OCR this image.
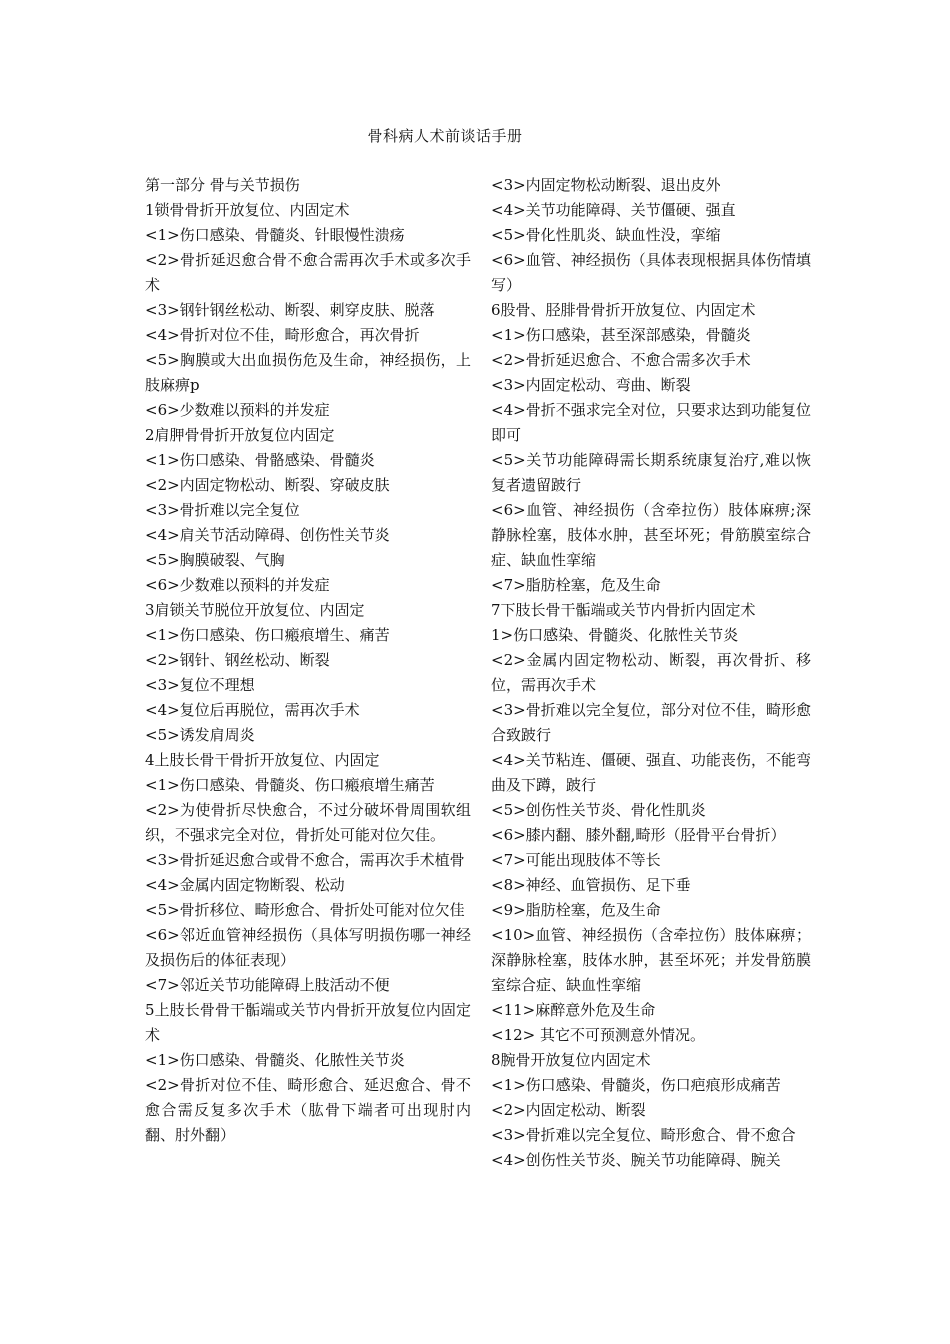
骨科病人术前谈话手册
第一部分 骨与关节损伤
1锁骨骨折开放复位、内固定术
<1>伤口感染、骨髓炎、针眼慢性溃疡
<2>骨折延迟愈合骨不愈合需再次手术或多次手术
<3>钢针钢丝松动、断裂、刺穿皮肤、脱落
<4>骨折对位不佳，畸形愈合，再次骨折
<5>胸膜或大出血损伤危及生命，神经损伤，上肢麻痹p
<6>少数难以预料的并发症
2肩胛骨骨折开放复位内固定
<1>伤口感染、骨骼感染、骨髓炎
<2>内固定物松动、断裂、穿破皮肤
<3>骨折难以完全复位
<4>肩关节活动障碍、创伤性关节炎
<5>胸膜破裂、气胸
<6>少数难以预料的并发症
3肩锁关节脱位开放复位、内固定
<1>伤口感染、伤口瘢痕增生、痛苦
<2>钢针、钢丝松动、断裂
<3>复位不理想
<4>复位后再脱位，需再次手术
<5>诱发肩周炎
4上肢长骨干骨折开放复位、内固定
<1>伤口感染、骨髓炎、伤口瘢痕增生痛苦
<2>为使骨折尽快愈合，不过分破坏骨周围软组织，不强求完全对位，骨折处可能对位欠佳。
<3>骨折延迟愈合或骨不愈合，需再次手术植骨
<4>金属内固定物断裂、松动
<5>骨折移位、畸形愈合、骨折处可能对位欠佳
<6>邻近血管神经损伤（具体写明损伤哪一神经及损伤后的体征表现）
<7>邻近关节功能障碍上肢活动不便
5上肢长骨骨干骺端或关节内骨折开放复位内固定术
<1>伤口感染、骨髓炎、化脓性关节炎
<2>骨折对位不佳、畸形愈合、延迟愈合、骨不愈合需反复多次手术（肱骨下端者可出现肘内翻、肘外翻）
<3>内固定物松动断裂、退出皮外
<4>关节功能障碍、关节僵硬、强直
<5>骨化性肌炎、缺血性没，挛缩
<6>血管、神经损伤（具体表现根据具体伤情填写）
6股骨、胫腓骨骨折开放复位、内固定术
<1>伤口感染，甚至深部感染，骨髓炎
<2>骨折延迟愈合、不愈合需多次手术
<3>内固定松动、弯曲、断裂
<4>骨折不强求完全对位，只要求达到功能复位即可
<5>关节功能障碍需长期系统康复治疗,难以恢复者遗留跛行
<6>血管、神经损伤（含牵拉伤）肢体麻痹;深静脉栓塞，肢体水肿，甚至坏死；骨筋膜室综合症、缺血性挛缩
<7>脂肪栓塞，危及生命
7下肢长骨干骺端或关节内骨折内固定术
1>伤口感染、骨髓炎、化脓性关节炎
<2>金属内固定物松动、断裂，再次骨折、移位，需再次手术
<3>骨折难以完全复位，部分对位不佳，畸形愈合致跛行
<4>关节粘连、僵硬、强直、功能丧伤，不能弯曲及下蹲，跛行
<5>创伤性关节炎、骨化性肌炎
<6>膝内翻、膝外翻,畸形（胫骨平台骨折）
<7>可能出现肢体不等长
<8>神经、血管损伤、足下垂
<9>脂肪栓塞，危及生命
<10>血管、神经损伤（含牵拉伤）肢体麻痹；深静脉栓塞，肢体水肿，甚至坏死；并发骨筋膜室综合症、缺血性挛缩
<11>麻醉意外危及生命
<12> 其它不可预测意外情况。
8腕骨开放复位内固定术
<1>伤口感染、骨髓炎，伤口疤痕形成痛苦
<2>内固定松动、断裂
<3>骨折难以完全复位、畸形愈合、骨不愈合
<4>创伤性关节炎、腕关节功能障碍、腕关
